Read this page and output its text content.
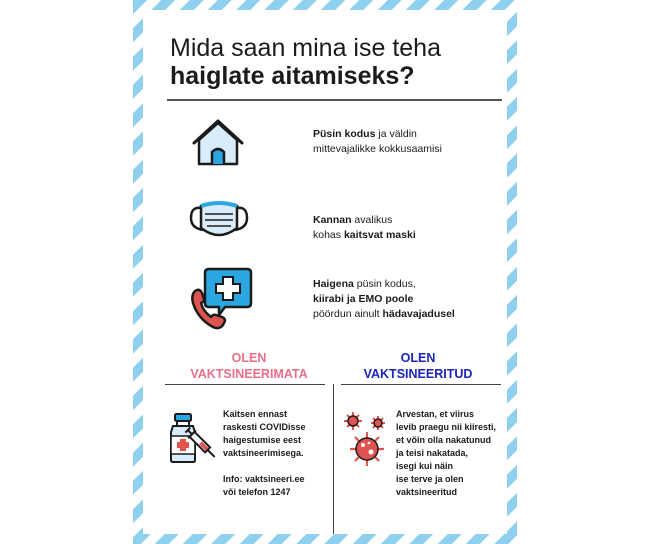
Mida saan mina ise teha
haiglate aitamiseks?
Püsin kodus ja väldin
mittevajalikke kokkusaamisi
Kannan avalikus
kohas kaitsvat maski
Haigena püsin kodus,
kiirabi ja EMO poole
pöördun ainult hädavajadusel
OLEN
VAKTSINEERIMATA
OLEN
VAKTSINEERITUD
Kaitsen ennast
raskesti COVIDisse
haigestumise eest
vaktsineerimisega.

Info: vaktsineeri.ee
või telefon 1247
Arvestan, et viirus
levib praegu nii kiiresti,
et võin olla nakatunud
ja teisi nakatada,
isegi kui näin
ise terve ja olen
vaktsineeritud
